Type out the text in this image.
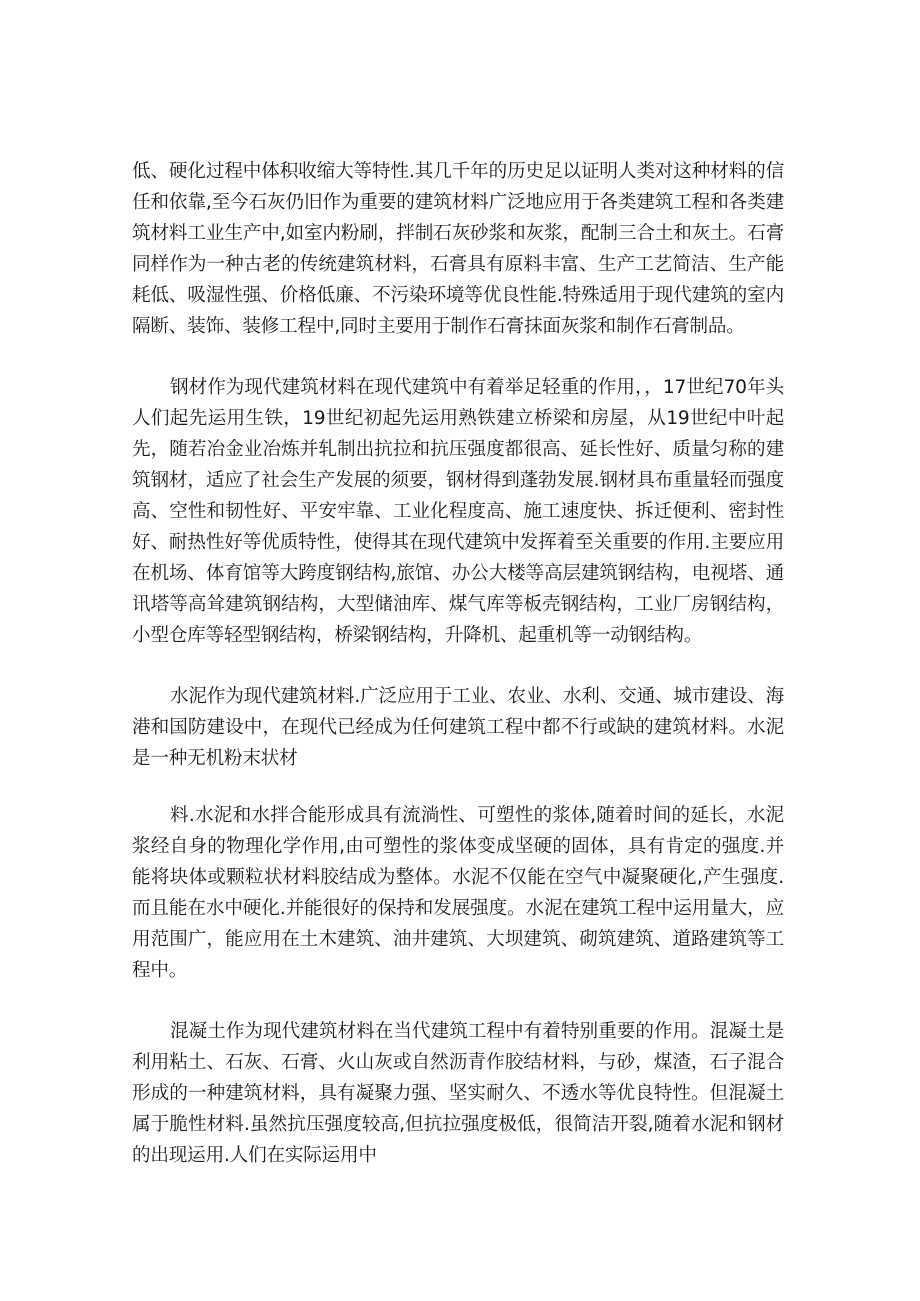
低、硬化过程中体积收缩大等特性.其几千年的历史足以证明人类对这种材料的信任和依靠,至今石灰仍旧作为重要的建筑材料广泛地应用于各类建筑工程和各类建筑材料工业生产中,如室内粉刷，拌制石灰砂浆和灰浆，配制三合土和灰土。石膏同样作为一种古老的传统建筑材料，石膏具有原料丰富、生产工艺简洁、生产能耗低、吸湿性强、价格低廉、不污染环境等优良性能.特殊适用于现代建筑的室内隔断、装饰、装修工程中,同时主要用于制作石膏抹面灰浆和制作石膏制品。

钢材作为现代建筑材料在现代建筑中有着举足轻重的作用，，17世纪70年头人们起先运用生铁，19世纪初起先运用熟铁建立桥梁和房屋，从19世纪中叶起先，随若冶金业冶炼并轧制出抗拉和抗压强度都很高、延长性好、质量匀称的建筑钢材，适应了社会生产发展的须要，钢材得到蓬勃发展.钢材具布重量轻而强度高、空性和韧性好、平安牢靠、工业化程度高、施工速度快、拆迁便利、密封性好、耐热性好等优质特性，使得其在现代建筑中发挥着至关重要的作用.主要应用在机场、体育馆等大跨度钢结构,旅馆、办公大楼等高层建筑钢结构，电视塔、通讯塔等高耸建筑钢结构，大型储油库、煤气库等板壳钢结构，工业厂房钢结构，小型仓库等轻型钢结构，桥梁钢结构，升降机、起重机等一动钢结构。

水泥作为现代建筑材料.广泛应用于工业、农业、水利、交通、城市建设、海港和国防建设中，在现代已经成为任何建筑工程中都不行或缺的建筑材料。水泥是一种无机粉末状材

料.水泥和水拌合能形成具有流淌性、可塑性的浆体,随着时间的延长，水泥浆经自身的物理化学作用,由可塑性的浆体变成坚硬的固体，具有肯定的强度.并能将块体或颗粒状材料胶结成为整体。水泥不仅能在空气中凝聚硬化,产生强度.而且能在水中硬化.并能很好的保持和发展强度。水泥在建筑工程中运用量大，应用范围广，能应用在土木建筑、油井建筑、大坝建筑、砌筑建筑、道路建筑等工程中。

混凝土作为现代建筑材料在当代建筑工程中有着特别重要的作用。混凝土是利用粘土、石灰、石膏、火山灰或自然沥青作胶结材料，与砂，煤渣，石子混合形成的一种建筑材料，具有凝聚力强、坚实耐久、不透水等优良特性。但混凝土属于脆性材料.虽然抗压强度较高,但抗拉强度极低，很简洁开裂,随着水泥和钢材的出现运用.人们在实际运用中
